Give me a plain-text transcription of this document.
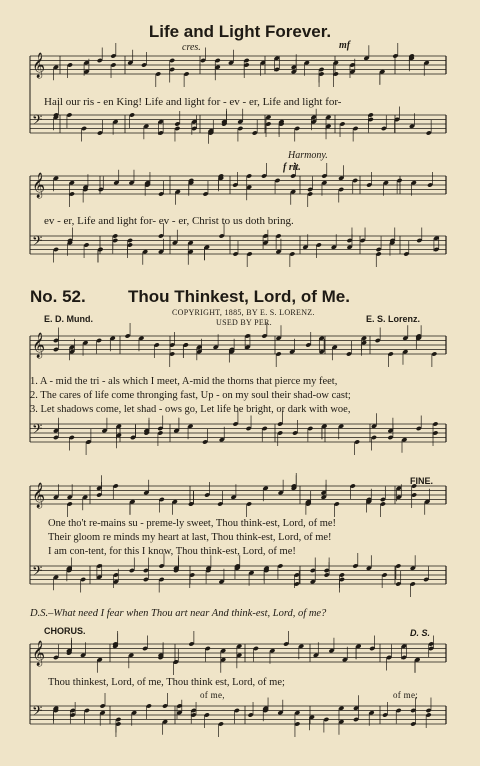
𝄞
𝄢
𝄞
𝄢
𝄞
𝄢
𝄞
𝄢
𝄞
𝄢
Life and Light Forever.
cres.	mf
Hail our ris - en King! Life and light for - ev - er, Life and light for-
Harmony.
f rit.
ev - er, Life and light for- ev - er, Christ to us doth bring.
No. 52. Thou Thinkest, Lord, of Me.
COPYRIGHT, 1885, BY E. S. LORENZ.
USED BY PER.
E. D. Mund.	E. S. Lorenz.
1. A - mid the tri - als which I meet, A-mid the thorns that pierce my feet,
2. The cares of life come thronging fast, Up - on my soul their shad-ow cast;
3. Let shadows come, let shad - ows go, Let life be bright, or dark with woe,
FINE.
One tho't re-mains su - preme-ly sweet, Thou think-est, Lord, of me!
Their gloom re minds my heart at last, Thou think-est, Lord, of me!
I am con-tent, for this I know, Thou think-est, Lord, of me!
D.S.–What need I fear when Thou art near And think-est, Lord, of me?
CHORUS.	D. S.
Thou thinkest, Lord, of me, Thou think est, Lord, of me;
of me,	of me;
